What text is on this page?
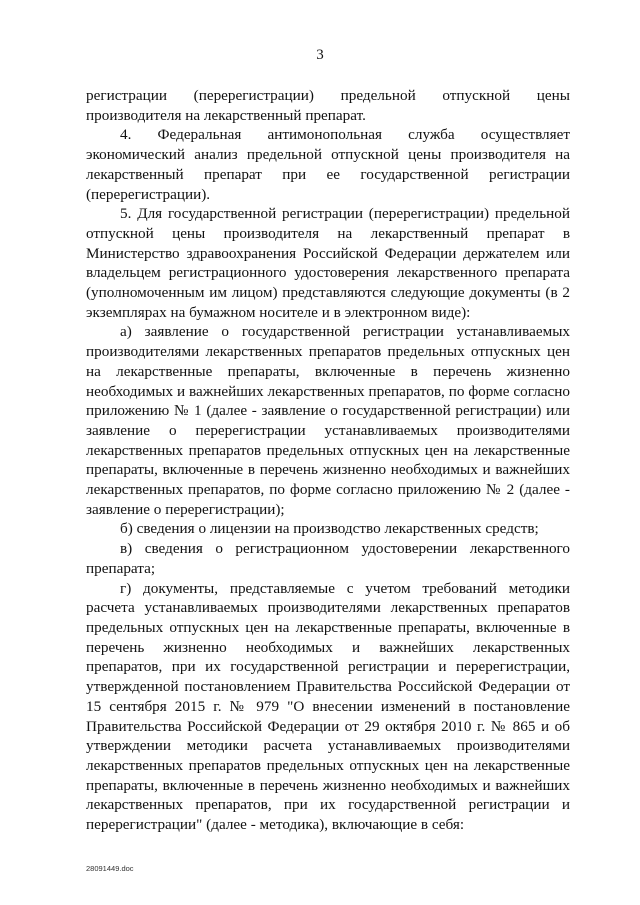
3

регистрации (перерегистрации) предельной отпускной цены производителя на лекарственный препарат.

4. Федеральная антимонопольная служба осуществляет экономический анализ предельной отпускной цены производителя на лекарственный препарат при ее государственной регистрации (перерегистрации).

5. Для государственной регистрации (перерегистрации) предельной отпускной цены производителя на лекарственный препарат в Министерство здравоохранения Российской Федерации держателем или владельцем регистрационного удостоверения лекарственного препарата (уполномоченным им лицом) представляются следующие документы (в 2 экземплярах на бумажном носителе и в электронном виде):

а) заявление о государственной регистрации устанавливаемых производителями лекарственных препаратов предельных отпускных цен на лекарственные препараты, включенные в перечень жизненно необходимых и важнейших лекарственных препаратов, по форме согласно приложению № 1 (далее - заявление о государственной регистрации) или заявление о перерегистрации устанавливаемых производителями лекарственных препаратов предельных отпускных цен на лекарственные препараты, включенные в перечень жизненно необходимых и важнейших лекарственных препаратов, по форме согласно приложению № 2 (далее - заявление о перерегистрации);

б) сведения о лицензии на производство лекарственных средств;

в) сведения о регистрационном удостоверении лекарственного препарата;

г) документы, представляемые с учетом требований методики расчета устанавливаемых производителями лекарственных препаратов предельных отпускных цен на лекарственные препараты, включенные в перечень жизненно необходимых и важнейших лекарственных препаратов, при их государственной регистрации и перерегистрации, утвержденной постановлением Правительства Российской Федерации от 15 сентября 2015 г. № 979 "О внесении изменений в постановление Правительства Российской Федерации от 29 октября 2010 г. № 865 и об утверждении методики расчета устанавливаемых производителями лекарственных препаратов предельных отпускных цен на лекарственные препараты, включенные в перечень жизненно необходимых и важнейших лекарственных препаратов, при их государственной регистрации и перерегистрации" (далее - методика), включающие в себя:

28091449.doc
